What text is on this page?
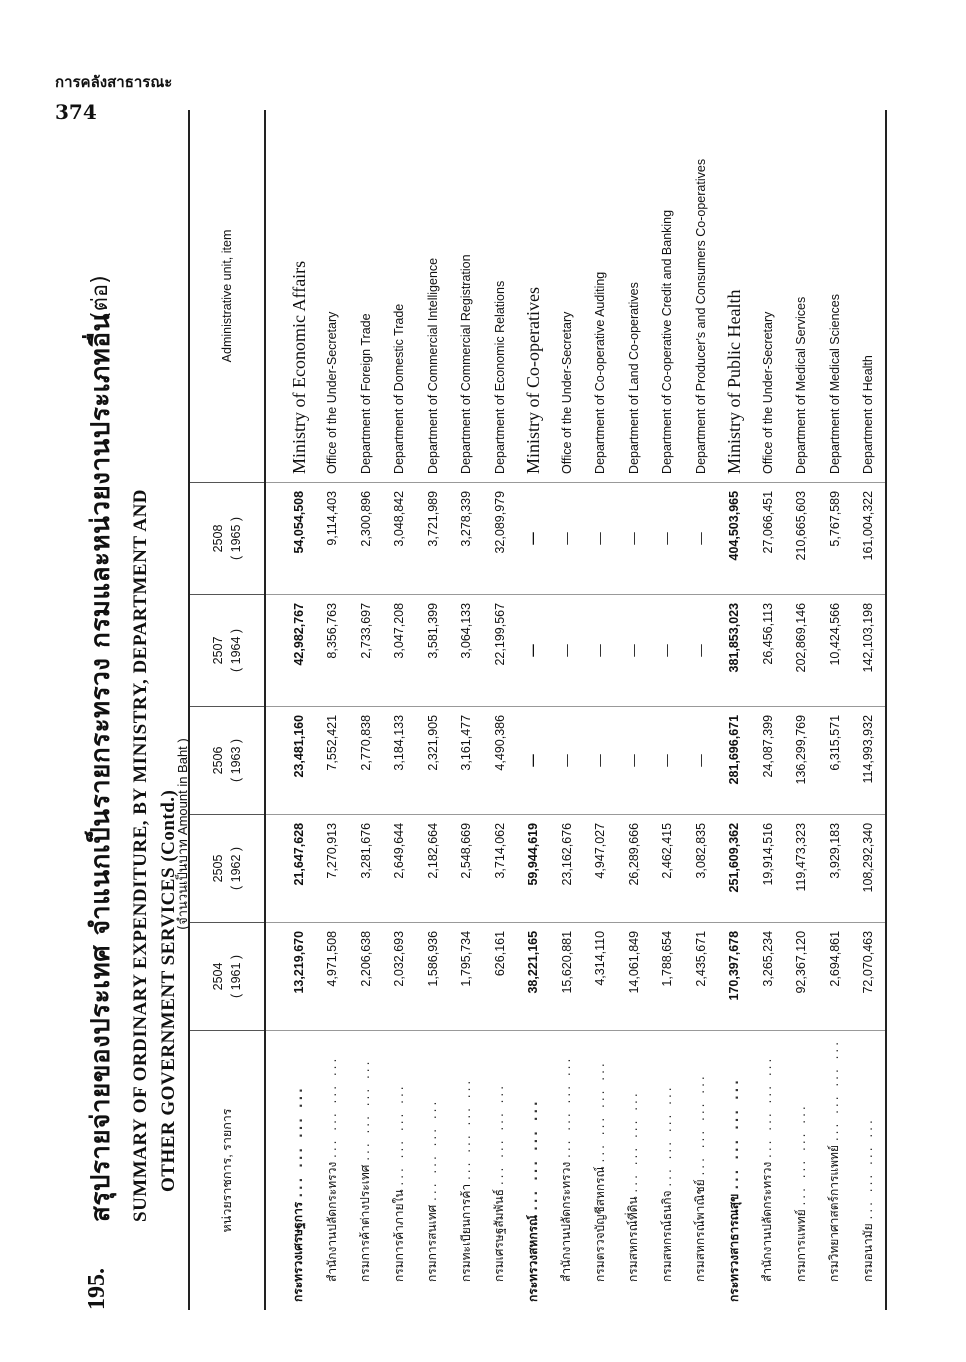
การคลังสาธารณะ
374
195.
สรุปรายจ่ายของประเทศ จำแนกเป็นรายกระทรวง กรมและหน่วยงานประเภทอื่น
(ต่อ)
SUMMARY OF ORDINARY EXPENDITURE, BY MINISTRY, DEPARTMENT AND OTHER GOVERNMENT SERVICES (Contd.)	หน่วยราชการ, รายการ	2504 ( 1961 )	2505 ( 1962 )	2506 ( 1963 )	2507 ( 1964 )	2508 ( 1965 )	Administrative unit, item
กระทรวงเศรษฐการ ... ... ... ...	13,219,670	21,647,628	23,481,160	42,982,767	54,054,508	Ministry of Economic Affairs
สำนักงานปลัดกระทรวง ... ... ... ...	4,971,508	7,270,913	7,552,421	8,356,763	9,114,403	Office of the Under-Secretary
กรมการค้าต่างประเทศ ... ... ... ...	2,206,638	3,281,676	2,770,838	2,733,697	2,300,896	Department of Foreign Trade
กรมการค้าภายใน ... ... ... ...	2,032,693	2,649,644	3,184,133	3,047,208	3,048,842	Department of Domestic Trade
กรมการสนเทศ ... ... ... ...	1,586,936	2,182,664	2,321,905	3,581,399	3,721,989	Department of Commercial Intelligence
กรมทะเบียนการค้า ... ... ... ...	1,795,734	2,548,669	3,161,477	3,064,133	3,278,339	Department of Commercial Registration
กรมเศรษฐสัมพันธ์ ... ... ... ...	626,161	3,714,062	4,490,386	22,199,567	32,089,979	Department of Economic Relations
กระทรวงสหกรณ์ ... ... ... ...	38,221,165	59,944,619	—	—	—	Ministry of Co-operatives
สำนักงานปลัดกระทรวง ... ... ... ...	15,620,881	23,162,676	—	—	—	Office of the Under-Secretary
กรมตรวจบัญชีสหกรณ์ ... ... ... ...	4,314,110	4,947,027	—	—	—	Department of Co-operative Auditing
กรมสหกรณ์ที่ดิน ... ... ... ...	14,061,849	26,289,666	—	—	—	Department of Land Co-operatives
กรมสหกรณ์ธนกิจ ... ... ... ...	1,788,654	2,462,415	—	—	—	Department of Co-operative Credit and Banking
กรมสหกรณ์พาณิชย์ ... ... ... ...	2,435,671	3,082,835	—	—	—	Department of Producer's and Consumers Co-operatives
กระทรวงสาธารณสุข ... ... ... ...	170,397,678	251,609,362	281,696,671	381,853,023	404,503,965	Ministry of Public Health
สำนักงานปลัดกระทรวง ... ... ... ...	3,265,234	19,914,516	24,087,399	26,456,113	27,066,451	Office of the Under-Secretary
กรมการแพทย์ ... ... ... ...	92,367,120	119,473,323	136,299,769	202,869,146	210,665,603	Department of Medical Services
กรมวิทยาศาสตร์การแพทย์ ... ... ... ...	2,694,861	3,929,183	6,315,571	10,424,566	5,767,589	Department of Medical Sciences
กรมอนามัย ... ... ... ...	72,070,463	108,292,340	114,993,932	142,103,198	161,004,322	Department of Health
(จำนวนเป็นบาท Amount in Baht )
